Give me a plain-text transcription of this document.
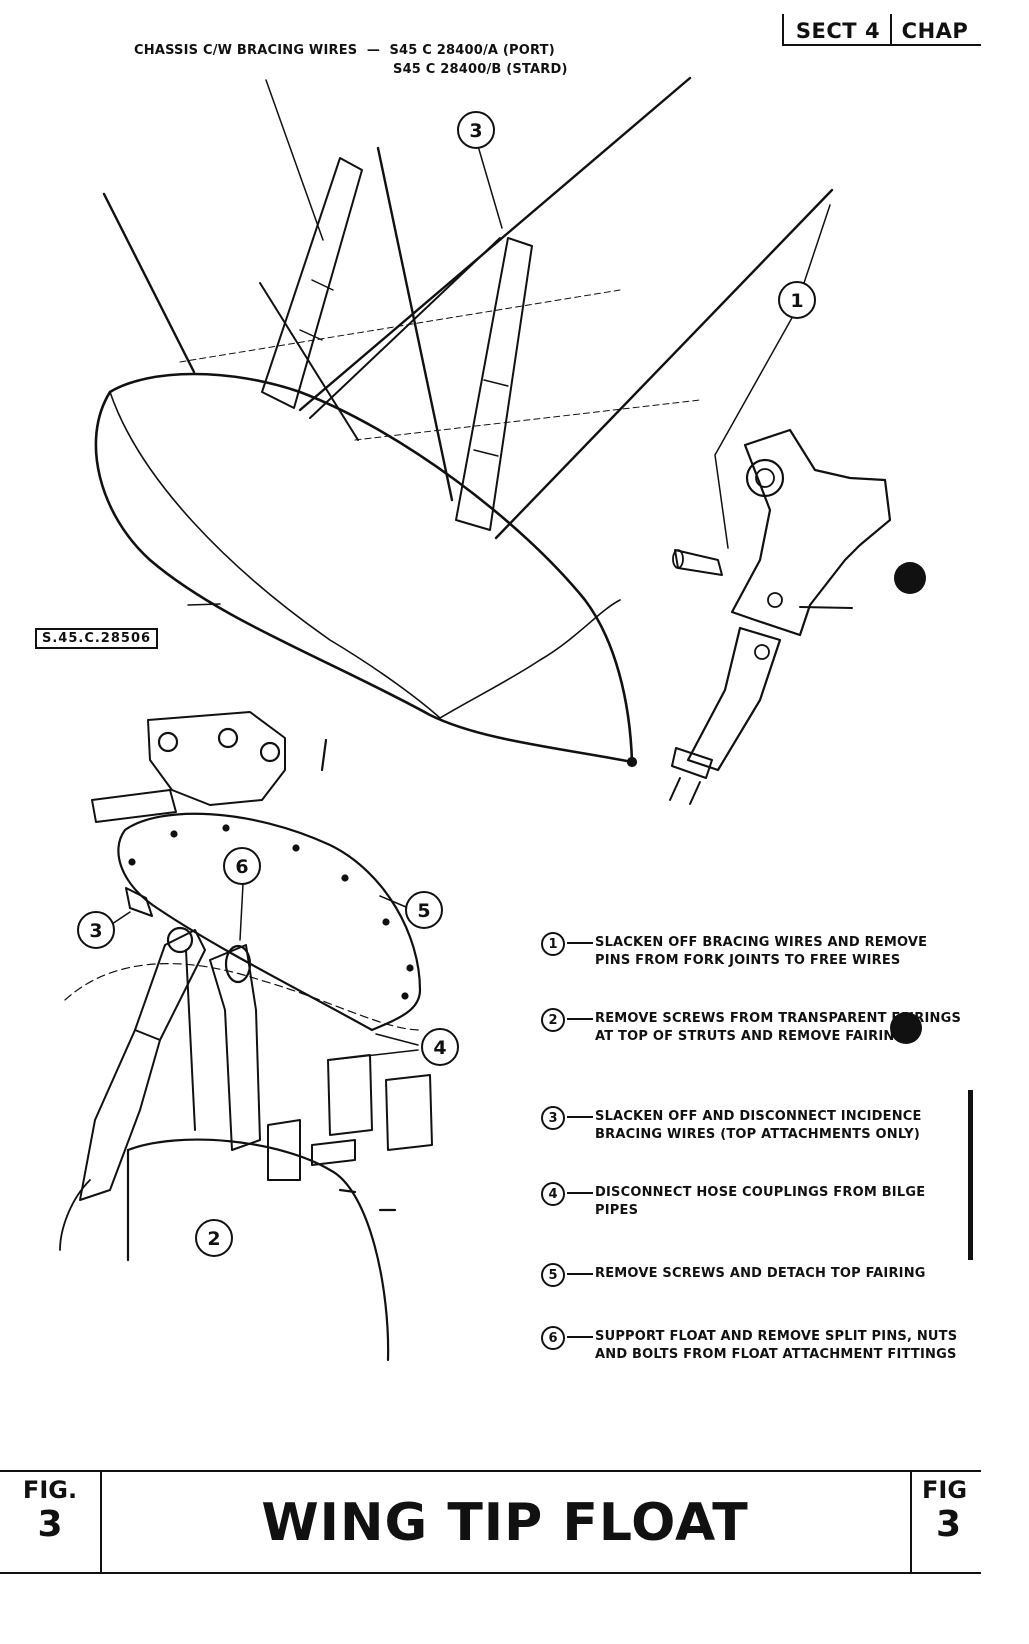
SECT 4	CHAP
CHASSIS C/W BRACING WIRES  —  S45 C 28400/A (PORT)
S45 C 28400/B (STARD)
S.45.C.28506
1
3
6
3
5
4
2
1	SLACKEN OFF BRACING WIRES AND REMOVE PINS FROM FORK JOINTS TO FREE WIRES
2	REMOVE SCREWS FROM TRANSPARENT FAIRINGS AT TOP OF STRUTS AND REMOVE FAIRINGS
3	SLACKEN OFF AND DISCONNECT INCIDENCE BRACING WIRES (TOP ATTACHMENTS ONLY)
4	DISCONNECT HOSE COUPLINGS FROM BILGE PIPES
5	REMOVE SCREWS AND DETACH TOP FAIRING
6	SUPPORT FLOAT AND REMOVE SPLIT PINS, NUTS AND BOLTS FROM FLOAT ATTACHMENT FITTINGS
FIG.
3	WING TIP FLOAT
FIG
3
